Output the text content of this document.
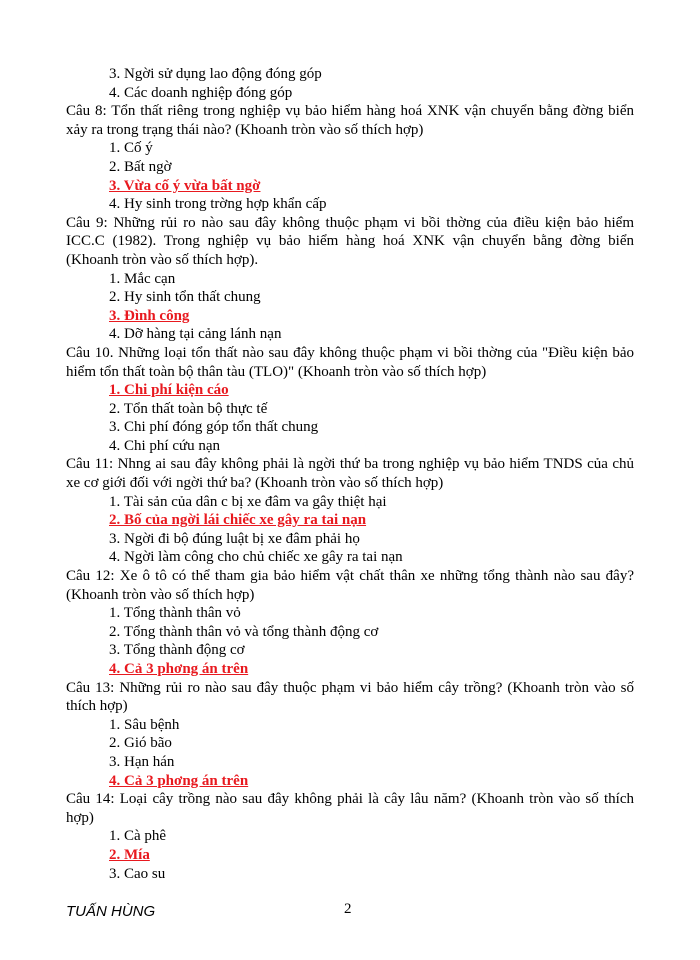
3. Ngời sử dụng lao động đóng góp
4. Các doanh nghiệp đóng góp
Câu 8: Tổn thất riêng trong nghiệp vụ bảo hiểm hàng hoá XNK vận chuyển bằng đờng biển xảy ra trong trạng thái nào? (Khoanh tròn vào số thích hợp)
1. Cố ý
2. Bất ngờ
3. Vừa cố ý vừa bất ngờ
4. Hy sinh trong trờng hợp khẩn cấp
Câu 9: Những rủi ro nào sau đây không thuộc phạm vi bồi thờng của điều kiện bảo hiểm ICC.C (1982). Trong nghiệp vụ bảo hiểm hàng hoá XNK vận chuyển bằng đờng biển (Khoanh tròn vào số thích hợp).
1. Mắc cạn
2. Hy sinh tổn thất chung
3. Đình công
4. Dỡ hàng tại cảng lánh nạn
Câu 10. Những loại tổn thất nào sau đây không thuộc phạm vi bồi thờng của "Điều kiện bảo hiểm tổn thất toàn bộ thân tàu (TLO)" (Khoanh tròn vào số thích hợp)
1. Chi phí kiện cáo
2. Tổn thất toàn bộ thực tế
3. Chi phí đóng góp tổn thất chung
4. Chi phí cứu nạn
Câu 11: Nhng ai sau đây không phải là ngời thứ ba trong nghiệp vụ bảo hiểm TNDS của chủ xe cơ giới đối với ngời thứ ba? (Khoanh tròn vào số thích hợp)
1. Tài sản của dân c bị xe đâm va gây thiệt hại
2. Bố của ngời lái chiếc xe gây ra tai nạn
3. Ngời đi bộ đúng luật bị xe đâm phải họ
4. Ngời làm công cho chủ chiếc xe gây ra tai nạn
Câu 12: Xe ô tô có thể tham gia bảo hiểm vật chất thân xe những tổng thành nào sau đây? (Khoanh tròn vào số thích hợp)
1. Tổng thành thân vỏ
2. Tổng thành thân vỏ và tổng thành động cơ
3. Tổng thành động cơ
4. Cả 3 phơng án trên
Câu 13: Những rủi ro nào sau đây thuộc phạm vi bảo hiểm cây trồng? (Khoanh tròn vào số thích hợp)
1. Sâu bệnh
2. Gió bão
3. Hạn hán
4. Cả 3 phơng án trên
Câu 14: Loại cây trồng nào sau đây không phải là cây lâu năm? (Khoanh tròn vào số thích hợp)
1. Cà phê
2. Mía
3. Cao su
TUẤN HÙNG	2
